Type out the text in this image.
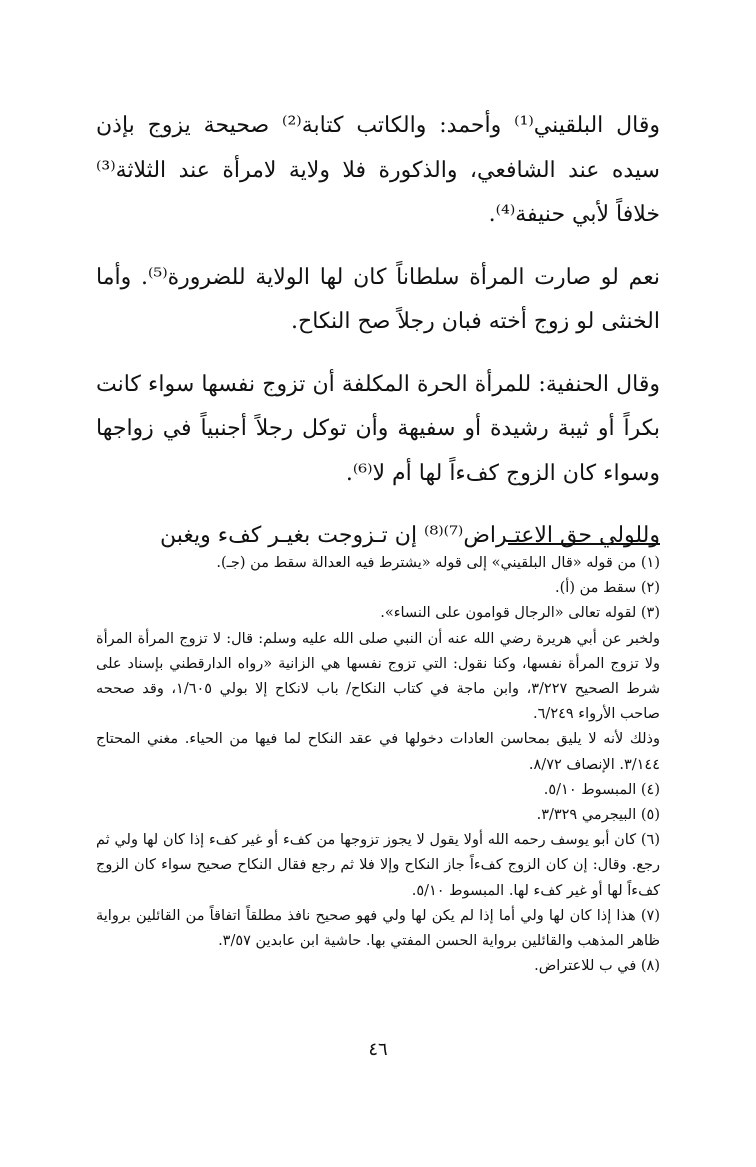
وقال البلقيني⁽¹⁾ وأحمد: والكاتب كتابة⁽²⁾ صحيحة يزوج بإذن سيده عند الشافعي، والذكورة فلا ولاية لامرأة عند الثلاثة⁽³⁾ خلافاً لأبي حنيفة⁽⁴⁾.

نعم لو صارت المرأة سلطاناً كان لها الولاية للضرورة⁽⁵⁾. وأما الخنثى لو زوج أخته فبان رجلاً صح النكاح.

وقال الحنفية: للمرأة الحرة المكلفة أن تزوج نفسها سواء كانت بكراً أو ثيبة رشيدة أو سفيهة وأن توكل رجلاً أجنبياً في زواجها وسواء كان الزوج كفءاً لها أم لا⁽⁶⁾.

وللولي حق الاعتـراض⁽⁷⁾⁽⁸⁾ إن تـزوجت بغيـر كفء ويغبن

(١) من قوله «قال البلقيني» إلى قوله «يشترط فيه العدالة سقط من (جـ).
(٢) سقط من (أ).
(٣) لقوله تعالى «الرجال قوامون على النساء».
ولخبر عن أبي هريرة رضي الله عنه أن النبي صلى الله عليه وسلم: قال: لا تزوج المرأة المرأة ولا تزوج المرأة نفسها، وكنا نقول: التي تزوج نفسها هي الزانية «رواه الدارقطني بإسناد على شرط الصحيح ٣/٢٢٧، وابن ماجة في كتاب النكاح/ باب لانكاح إلا بولي ١/٦٠٥، وقد صححه صاحب الأرواء ٦/٢٤٩.
وذلك لأنه لا يليق بمحاسن العادات دخولها في عقد النكاح لما فيها من الحياء. مغني المحتاج ٣/١٤٤. الإنصاف ٨/٧٢.
(٤) المبسوط ٥/١٠.
(٥) البيجرمي ٣/٣٢٩.
(٦) كان أبو يوسف رحمه الله أولا يقول لا يجوز تزوجها من كفء أو غير كفء إذا كان لها ولي ثم رجع. وقال: إن كان الزوج كفءاً جاز النكاح وإلا فلا ثم رجع فقال النكاح صحيح سواء كان الزوج كفءاً لها أو غير كفء لها. المبسوط ٥/١٠.
(٧) هذا إذا كان لها ولي أما إذا لم يكن لها ولي فهو صحيح نافذ مطلقاً اتفاقاً من القائلين برواية ظاهر المذهب والقائلين برواية الحسن المفتي بها. حاشية ابن عابدين ٣/٥٧.
(٨) في ب للاعتراض.
٤٦
